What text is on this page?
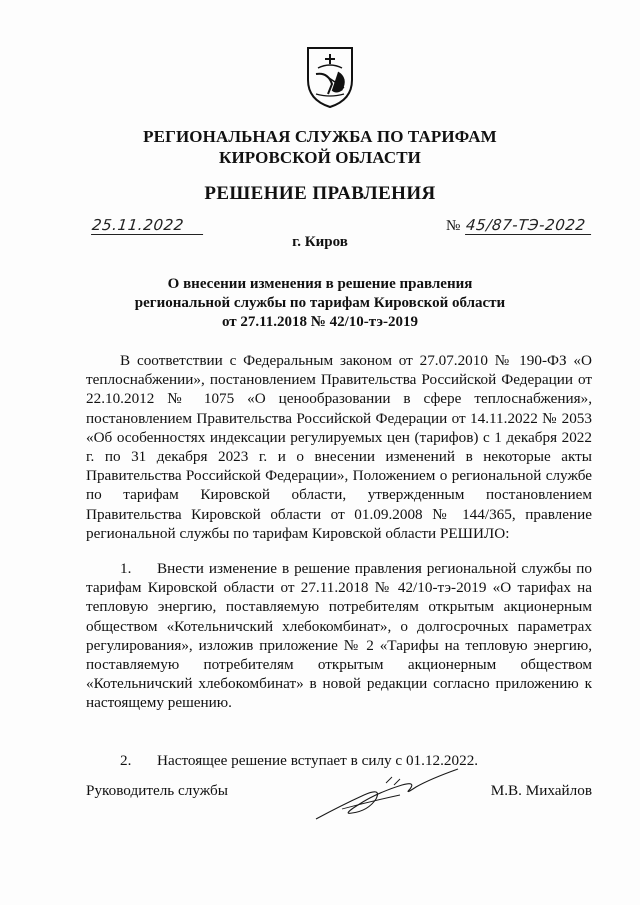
РЕГИОНАЛЬНАЯ СЛУЖБА ПО ТАРИФАМ
КИРОВСКОЙ ОБЛАСТИ
РЕШЕНИЕ ПРАВЛЕНИЯ
25.11.2022	№ 45/87-ТЭ-2022
г. Киров
О внесении изменения в решение правления
региональной службы по тарифам Кировской области
от 27.11.2018 № 42/10-тэ-2019
В соответствии с Федеральным законом от 27.07.2010 № 190-ФЗ «О теплоснабжении», постановлением Правительства Российской Федерации от 22.10.2012 № 1075 «О ценообразовании в сфере теплоснабжения», постановлением Правительства Российской Федерации от 14.11.2022 № 2053 «Об особенностях индексации регулируемых цен (тарифов) с 1 декабря 2022 г. по 31 декабря 2023 г. и о внесении изменений в некоторые акты Правительства Российской Федерации», Положением о региональной службе по тарифам Кировской области, утвержденным постановлением Правительства Кировской области от 01.09.2008 № 144/365, правление региональной службы по тарифам Кировской области РЕШИЛО:
1. Внести изменение в решение правления региональной службы по тарифам Кировской области от 27.11.2018 № 42/10-тэ-2019 «О тарифах на тепловую энергию, поставляемую потребителям открытым акционерным обществом «Котельничский хлебокомбинат», о долгосрочных параметрах регулирования», изложив приложение № 2 «Тарифы на тепловую энергию, поставляемую потребителям открытым акционерным обществом «Котельничский хлебокомбинат» в новой редакции согласно приложению к настоящему решению.
2. Настоящее решение вступает в силу с 01.12.2022.
Руководитель службы	М.В. Михайлов
